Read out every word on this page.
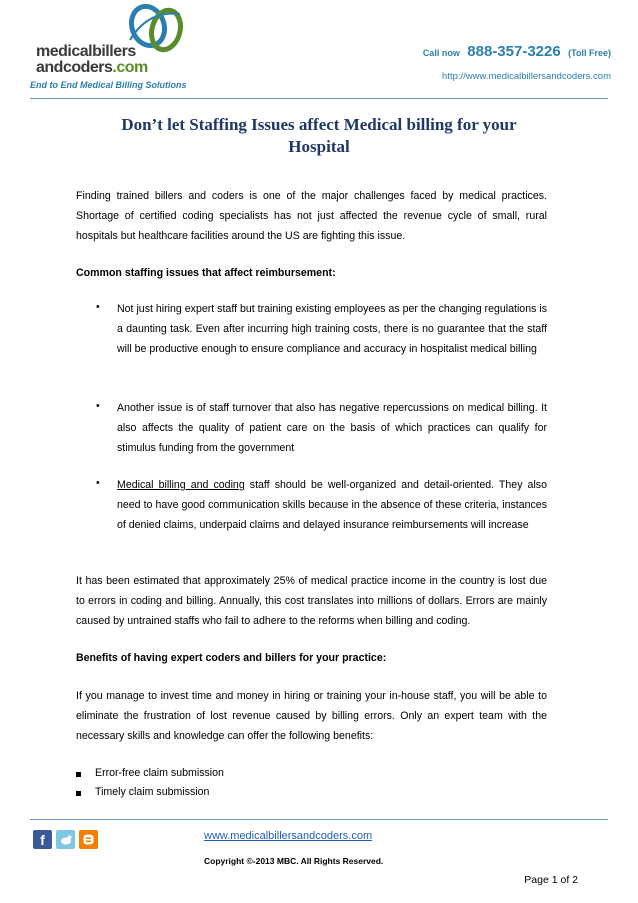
medicalbillers
andcoders.com
End to End Medical Billing Solutions
Call now 888-357-3226 (Toll Free)
http://www.medicalbillersandcoders.com
Don’t let Staffing Issues affect Medical billing for your
Hospital
Finding trained billers and coders is one of the major challenges faced by medical practices. Shortage of certified coding specialists has not just affected the revenue cycle of small, rural hospitals but healthcare facilities around the US are fighting this issue.
Common staffing issues that affect reimbursement:
• Not just hiring expert staff but training existing employees as per the changing regulations is a daunting task. Even after incurring high training costs, there is no guarantee that the staff will be productive enough to ensure compliance and accuracy in hospitalist medical billing
• Another issue is of staff turnover that also has negative repercussions on medical billing. It also affects the quality of patient care on the basis of which practices can qualify for stimulus funding from the government
• Medical billing and coding staff should be well-organized and detail-oriented. They also need to have good communication skills because in the absence of these criteria, instances of denied claims, underpaid claims and delayed insurance reimbursements will increase
It has been estimated that approximately 25% of medical practice income in the country is lost due to errors in coding and billing. Annually, this cost translates into millions of dollars. Errors are mainly caused by untrained staffs who fail to adhere to the reforms when billing and coding.
Benefits of having expert coders and billers for your practice:
If you manage to invest time and money in hiring or training your in-house staff, you will be able to eliminate the frustration of lost revenue caused by billing errors. Only an expert team with the necessary skills and knowledge can offer the following benefits:
Error-free claim submission
Timely claim submission
f	www.medicalbillersandcoders.com
Copyright ©-2013 MBC. All Rights Reserved.
Page 1 of 2
